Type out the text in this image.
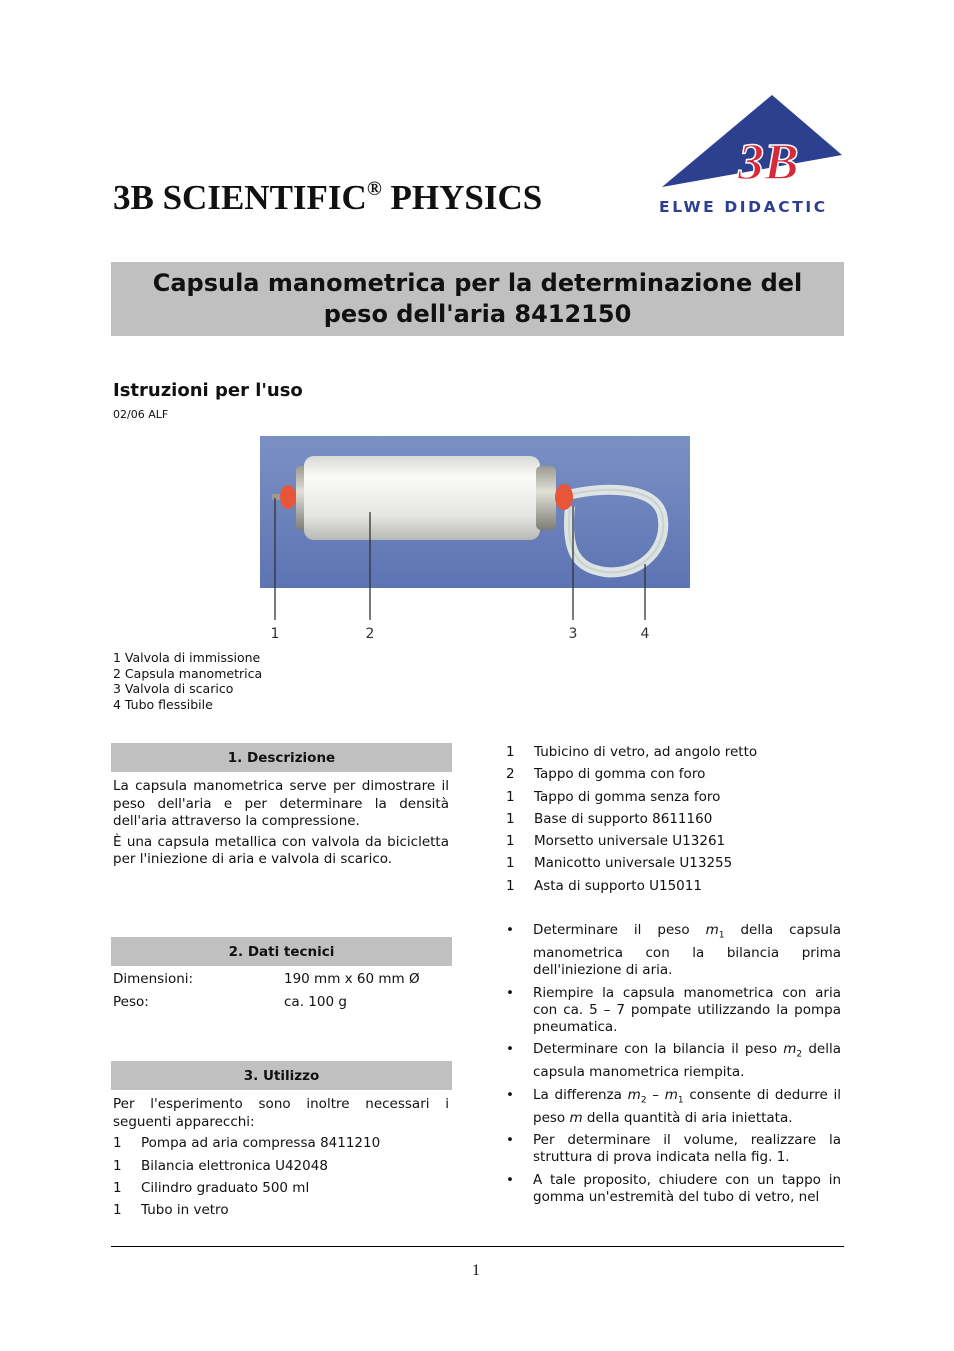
3B SCIENTIFIC® PHYSICS
3B ®
ELWE DIDACTIC
Capsula manometrica per la determinazione del peso dell'aria 8412150
Istruzioni per l'uso
02/06 ALF
1	2	3	4
1 Valvola di immissione
2 Capsula manometrica
3 Valvola di scarico
4 Tubo flessibile
1. Descrizione

La capsula manometrica serve per dimostrare il peso dell'aria e per determinare la densità dell'aria attraverso la compressione.

È una capsula metallica con valvola da bicicletta per l'iniezione di aria e valvola di scarico.

2. Dati tecnici
Dimensioni:	190 mm x 60 mm Ø
Peso:	ca. 100 g
3. Utilizzo
Per l'esperimento sono inoltre necessari i seguenti apparecchi:
1 Pompa ad aria compressa 8411210
1 Bilancia elettronica U42048
1 Cilindro graduato 500 ml
1 Tubo in vetro
1 Tubicino di vetro, ad angolo retto
2 Tappo di gomma con foro
1 Tappo di gomma senza foro
1 Base di supporto 8611160
1 Morsetto universale U13261
1 Manicotto universale U13255
1 Asta di supporto U15011
•	Determinare il peso $m_1$ della capsula manometrica con la bilancia prima dell'iniezione di aria.
•	Riempire la capsula manometrica con aria con ca. 5 – 7 pompate utilizzando la pompa pneumatica.
•	Determinare con la bilancia il peso $m_2$ della capsula manometrica riempita.
•	La differenza $m_2 - m_1$ consente di dedurre il peso m della quantità di aria iniettata.
•	Per determinare il volume, realizzare la struttura di prova indicata nella fig. 1.
•	A tale proposito, chiudere con un tappo in gomma un'estremità del tubo di vetro, nel
1
